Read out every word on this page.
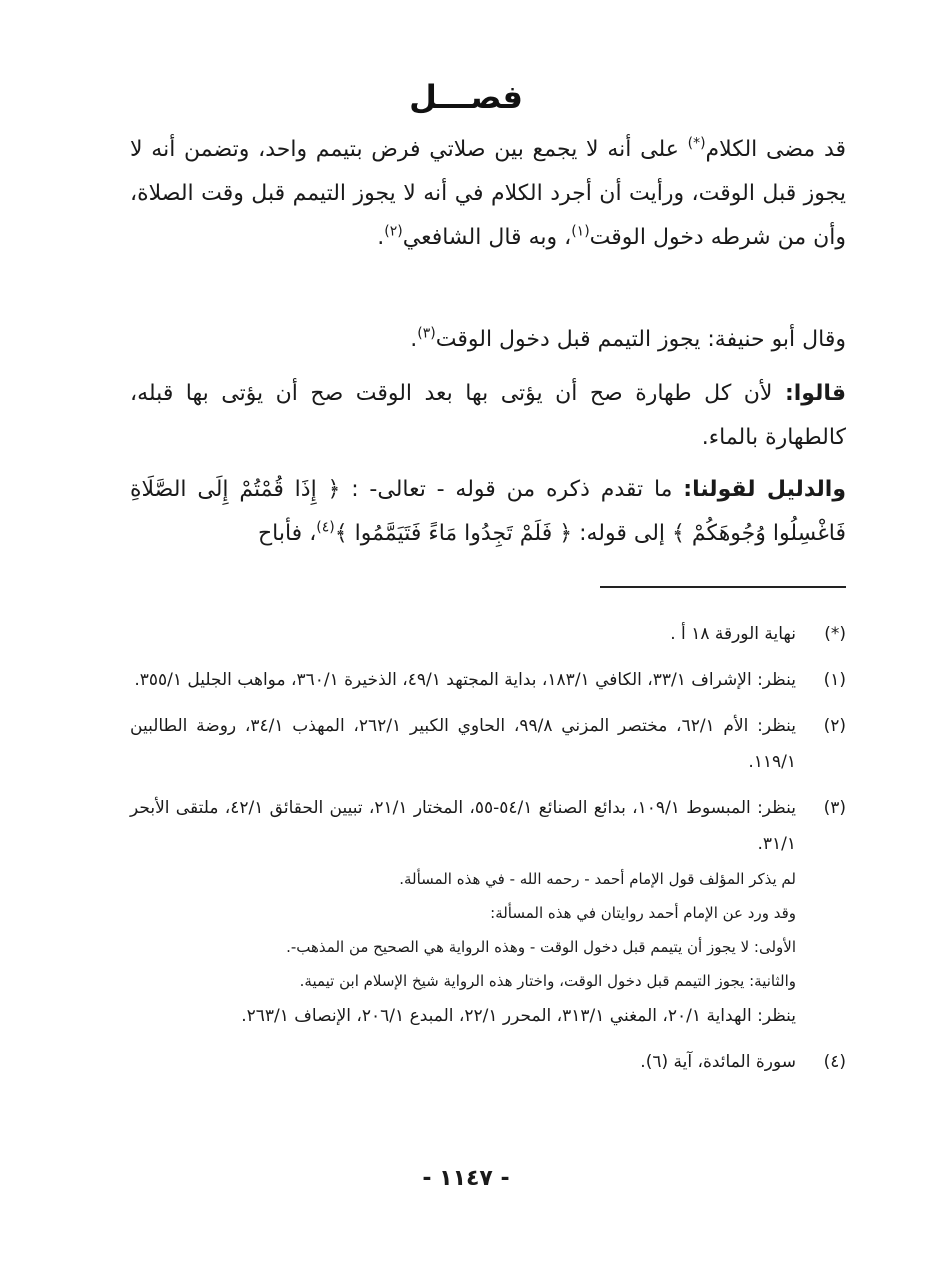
فصـــل

قد مضى الكلام(*) على أنه لا يجمع بين صلاتي فرض بتيمم واحد، وتضمن أنه لا يجوز قبل الوقت، ورأيت أن أجرد الكلام في أنه لا يجوز التيمم قبل وقت الصلاة، وأن من شرطه دخول الوقت$^{(١)}$، وبه قال الشافعي$^{(٢)}$.

وقال أبو حنيفة: يجوز التيمم قبل دخول الوقت$^{(٣)}$.

قالوا: لأن كل طهارة صح أن يؤتى بها بعد الوقت صح أن يؤتى بها قبله، كالطهارة بالماء.

والدليل لقولنا: ما تقدم ذكره من قوله - تعالى- : ﴿ إِذَا قُمْتُمْ إِلَى الصَّلَاةِ فَاغْسِلُوا وُجُوهَكُمْ ﴾ إلى قوله: ﴿ فَلَمْ تَجِدُوا مَاءً فَتَيَمَّمُوا ﴾$^{(٤)}$، فأباح

(*)
نهاية الورقة ١٨ أ .
(١)
ينظر: الإشراف ٣٣/١، الكافي ١٨٣/١، بداية المجتهد ٤٩/١، الذخيرة ٣٦٠/١، مواهب الجليل ٣٥٥/١.
(٢)
ينظر: الأم ٦٢/١، مختصر المزني ٩٩/٨، الحاوي الكبير ٢٦٢/١، المهذب ٣٤/١، روضة الطالبين ١١٩/١.
(٣)
ينظر: المبسوط ١٠٩/١، بدائع الصنائع ٥٤/١-٥٥، المختار ٢١/١، تبيين الحقائق ٤٢/١، ملتقى الأبحر ٣١/١.
لم يذكر المؤلف قول الإمام أحمد - رحمه الله - في هذه المسألة.
وقد ورد عن الإمام أحمد روايتان في هذه المسألة:
الأولى: لا يجوز أن يتيمم قبل دخول الوقت - وهذه الرواية هي الصحيح من المذهب-.
والثانية: يجوز التيمم قبل دخول الوقت، واختار هذه الرواية شيخ الإسلام ابن تيمية.
ينظر: الهداية ٢٠/١، المغني ٣١٣/١، المحرر ٢٢/١، المبدع ٢٠٦/١، الإنصاف ٢٦٣/١.
(٤)
سورة المائدة، آية (٦).
- ١١٤٧ -
